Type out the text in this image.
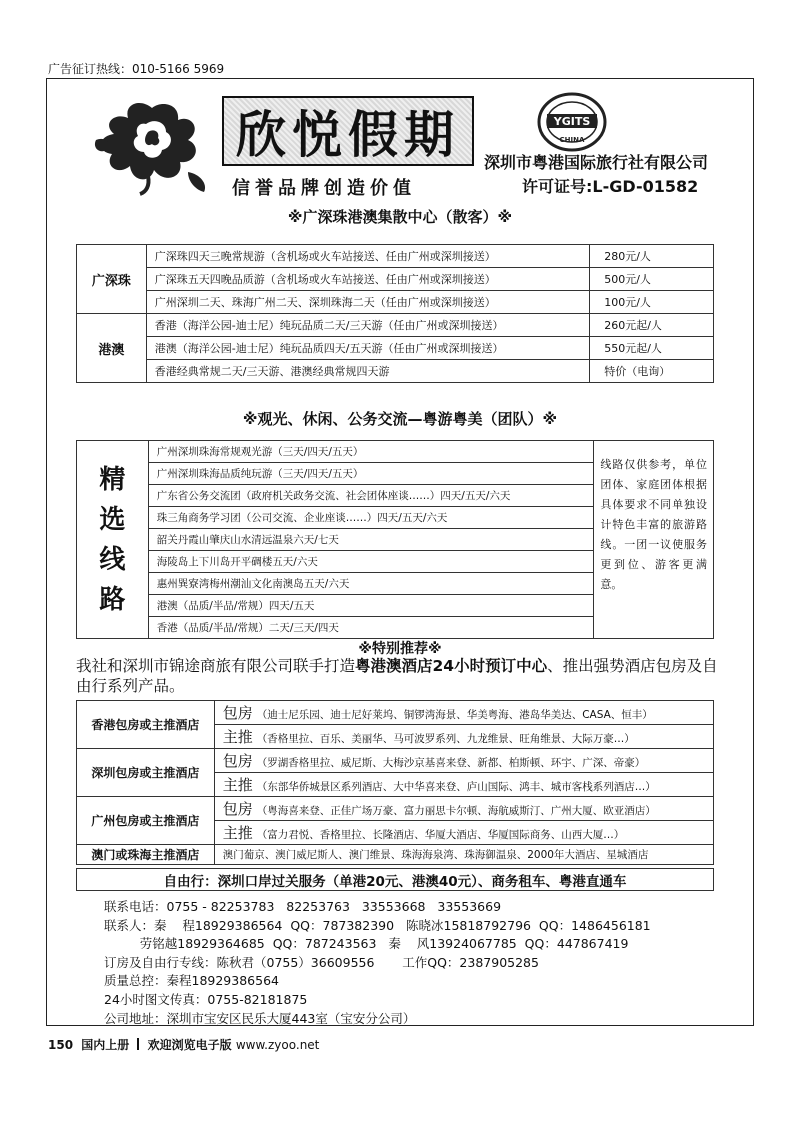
广告征订热线：010-5166 5969
欣悦假期
信誉品牌创造价值
YGITS
CHINA
深圳市粤港国际旅行社有限公司
许可证号:L-GD-01582
※广深珠港澳集散中心（散客）※
广深珠	广深珠四天三晚常规游（含机场或火车站接送、任由广州或深圳接送）	280元/人
	广深珠五天四晚品质游（含机场或火车站接送、任由广州或深圳接送）	500元/人
	广州深圳二天、珠海广州二天、深圳珠海二天（任由广州或深圳接送）	100元/人
港澳	香港（海洋公园-迪士尼）纯玩品质二天/三天游（任由广州或深圳接送）	260元起/人
	港澳（海洋公园-迪士尼）纯玩品质四天/五天游（任由广州或深圳接送）	550元起/人
	香港经典常规二天/三天游、港澳经典常规四天游	特价（电询）
※观光、休闲、公务交流—粤游粤美（团队）※
精选线路	广州深圳珠海常规观光游（三天/四天/五天）	线路仅供参考，单位团体、家庭团体根据具体要求不同单独设计特色丰富的旅游路线。一团一议使服务更到位、游客更满意。
广州深圳珠海品质纯玩游（三天/四天/五天）
广东省公务交流团（政府机关政务交流、社会团体座谈……）四天/五天/六天
珠三角商务学习团（公司交流、企业座谈……）四天/五天/六天
韶关丹霞山肇庆山水清远温泉六天/七天
海陵岛上下川岛开平碉楼五天/六天
惠州巽寮湾梅州潮汕文化南澳岛五天/六天
港澳（品质/半品/常规）四天/五天
香港（品质/半品/常规）二天/三天/四天
※特别推荐※
我社和深圳市锦途商旅有限公司联手打造粤港澳酒店24小时预订中心、推出强势酒店包房及自由行系列产品。
香港包房或主推酒店	包房 （迪士尼乐园、迪士尼好莱坞、铜锣湾海景、华美粤海、港岛华美达、CASA、恒丰）
	主推 （香格里拉、百乐、美丽华、马可波罗系列、九龙维景、旺角维景、大际万豪…）
深圳包房或主推酒店	包房 （罗湖香格里拉、威尼斯、大梅沙京基喜来登、新都、柏斯顿、环宇、广深、帝豪）
	主推 （东部华侨城景区系列酒店、大中华喜来登、庐山国际、鸿丰、城市客栈系列酒店…）
广州包房或主推酒店	包房 （粤海喜来登、正佳广场万豪、富力丽思卡尔顿、海航威斯汀、广州大厦、欧亚酒店）
	主推 （富力君悦、香格里拉、长隆酒店、华厦大酒店、华厦国际商务、山西大厦…）
澳门或珠海主推酒店	澳门葡京、澳门威尼斯人、澳门维景、珠海海泉湾、珠海御温泉、2000年大酒店、星城酒店
自由行：深圳口岸过关服务（单港20元、港澳40元）、商务租车、粤港直通车
联系电话：0755 - 82253783   82253763   33553668   33553669
联系人：秦    程18929386564  QQ：787382390   陈晓冰15818792796  QQ：1486456181
劳铭越18929364685  QQ：787243563   秦    风13924067785  QQ：447867419
订房及自由行专线：陈秋君（0755）36609556       工作QQ：2387905285
质量总控：秦程18929386564
24小时图文传真：0755-82181875
公司地址：深圳市宝安区民乐大厦443室（宝安分公司）
150 国内上册 欢迎浏览电子版 www.zyoo.net
